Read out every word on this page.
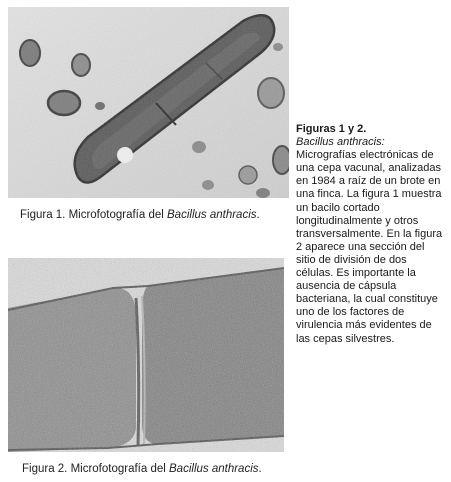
Figura 1. Microfotografía del Bacillus anthracis.
Figura 2. Microfotografía del Bacillus anthracis.
Figuras 1 y 2.
Bacillus anthracis:
Micrografías electrónicas de una cepa vacunal, analizadas en 1984 a raíz de un brote en una finca. La figura 1 muestra un bacilo cortado longitudinalmente y otros transversalmente. En la figura 2 aparece una sección del sitio de división de dos células. Es importante la ausencia de cápsula bacteriana, la cual constituye uno de los factores de virulencia más evidentes de las cepas silvestres.
